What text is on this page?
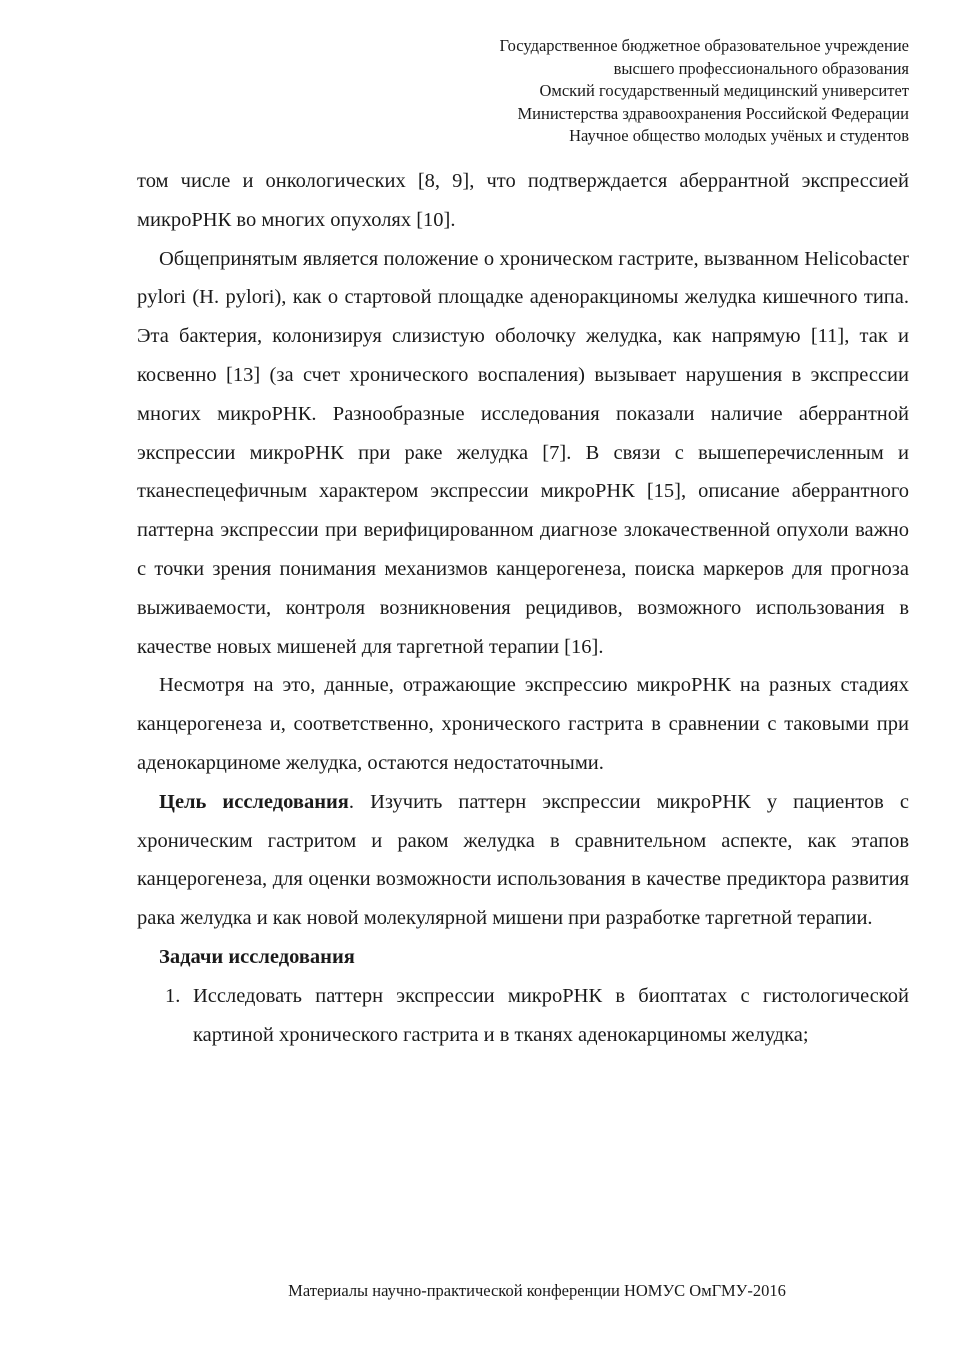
Государственное бюджетное образовательное учреждение
высшего профессионального образования
Омский государственный медицинский университет
Министерства здравоохранения Российской Федерации
Научное общество молодых учёных и студентов

том числе и онкологических [8, 9], что подтверждается аберрантной экспрессией микроРНК во многих опухолях [10].

Общепринятым является положение о хроническом гастрите, вызванном Helicobacter pylori (H. pylori), как о стартовой площадке аденоракциномы желудка кишечного типа. Эта бактерия, колонизируя слизистую оболочку желудка, как напрямую [11], так и косвенно [13] (за счет хронического воспаления) вызывает нарушения в экспрессии многих микроРНК. Разнообразные исследования показали наличие аберрантной экспрессии микроРНК при раке желудка [7]. В связи с вышеперечисленным и тканеспецефичным характером экспрессии микроРНК [15], описание аберрантного паттерна экспрессии при верифицированном диагнозе злокачественной опухоли важно с точки зрения понимания механизмов канцерогенеза, поиска маркеров для прогноза выживаемости, контроля возникновения рецидивов, возможного использования в качестве новых мишеней для таргетной терапии [16].

Несмотря на это, данные, отражающие экспрессию микроРНК на разных стадиях канцерогенеза и, соответственно, хронического гастрита в сравнении с таковыми при аденокарциноме желудка, остаются недостаточными.

Цель исследования. Изучить паттерн экспрессии микроРНК у пациентов с хроническим гастритом и раком желудка в сравнительном аспекте, как этапов канцерогенеза, для оценки возможности использования в качестве предиктора развития рака желудка и как новой молекулярной мишени при разработке таргетной терапии.

Задачи исследования
1. Исследовать паттерн экспрессии микроРНК в биоптатах с гистологической картиной хронического гастрита и в тканях аденокарциномы желудка;
Материалы научно-практической конференции НОМУС ОмГМУ-2016
